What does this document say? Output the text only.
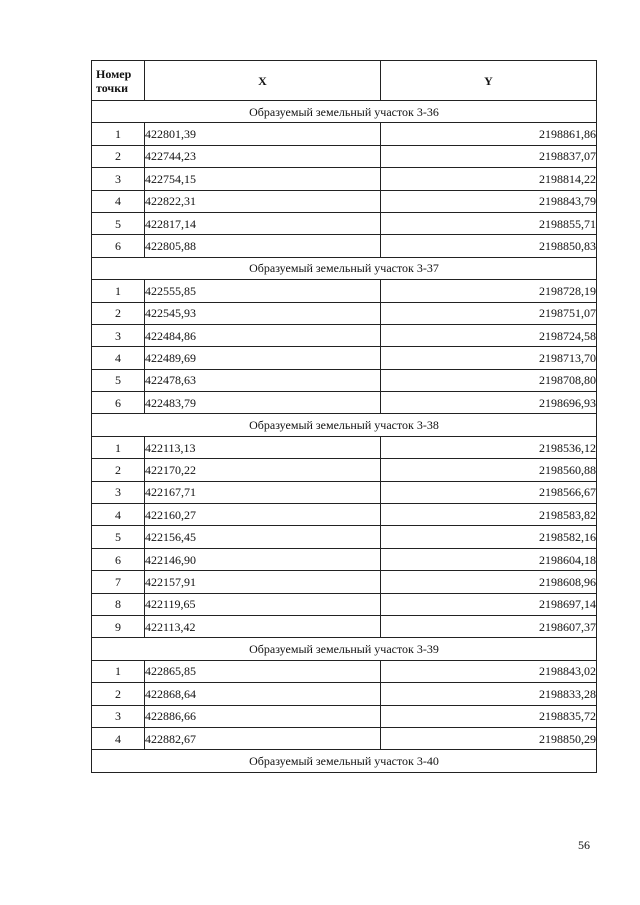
Номер
точки	X	Y
Образуемый земельный участок 3-36		
1	422801,39	2198861,86
2	422744,23	2198837,07
3	422754,15	2198814,22
4	422822,31	2198843,79
5	422817,14	2198855,71
6	422805,88	2198850,83
Образуемый земельный участок 3-37		
1	422555,85	2198728,19
2	422545,93	2198751,07
3	422484,86	2198724,58
4	422489,69	2198713,70
5	422478,63	2198708,80
6	422483,79	2198696,93
Образуемый земельный участок 3-38		
1	422113,13	2198536,12
2	422170,22	2198560,88
3	422167,71	2198566,67
4	422160,27	2198583,82
5	422156,45	2198582,16
6	422146,90	2198604,18
7	422157,91	2198608,96
8	422119,65	2198697,14
9	422113,42	2198607,37
Образуемый земельный участок 3-39		
1	422865,85	2198843,02
2	422868,64	2198833,28
3	422886,66	2198835,72
4	422882,67	2198850,29
Образуемый земельный участок 3-40		
56
